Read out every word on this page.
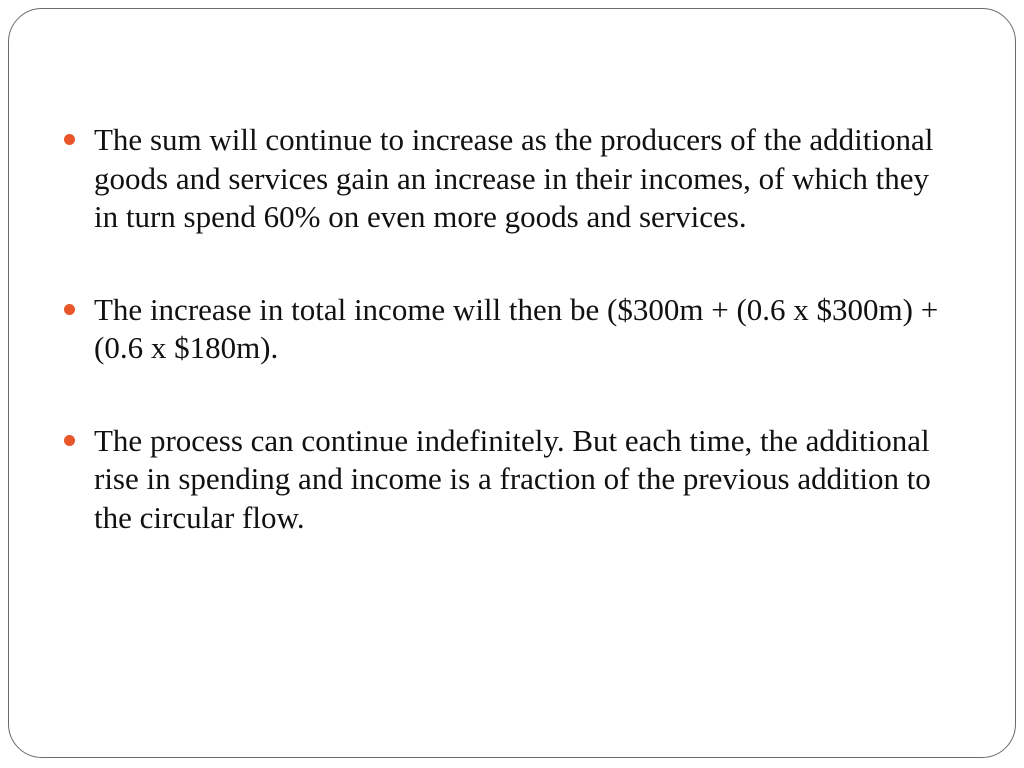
The sum will continue to increase as the producers of the additional goods and services gain an increase in their incomes, of which they in turn spend 60% on even more goods and services.
The increase in total income will then be ($300m + (0.6 x $300m) + (0.6 x $180m).
The process can continue indefinitely. But each time, the additional rise in spending and income is a fraction of the previous addition to the circular flow.
